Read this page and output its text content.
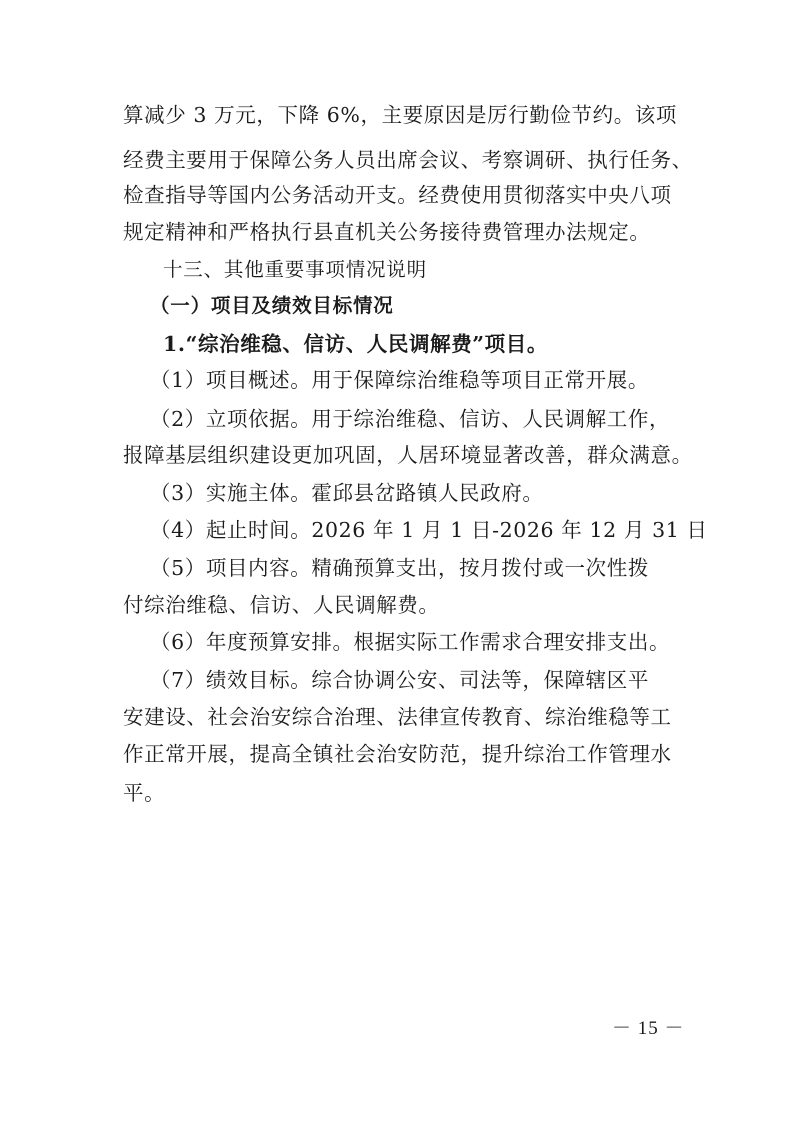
算减少 3 万元，下降 6%，主要原因是厉行勤俭节约。该项
经费主要用于保障公务人员出席会议、考察调研、执行任务、
检查指导等国内公务活动开支。经费使用贯彻落实中央八项
规定精神和严格执行县直机关公务接待费管理办法规定。
十三、其他重要事项情况说明
（一）项目及绩效目标情况
1.“综治维稳、信访、人民调解费”项目。
（1）项目概述。用于保障综治维稳等项目正常开展。
（2）立项依据。用于综治维稳、信访、人民调解工作，
报障基层组织建设更加巩固，人居环境显著改善，群众满意。
（3）实施主体。霍邱县岔路镇人民政府。
（4）起止时间。2026 年 1 月 1 日-2026 年 12 月 31 日
（5）项目内容。精确预算支出，按月拨付或一次性拨
付综治维稳、信访、人民调解费。
（6）年度预算安排。根据实际工作需求合理安排支出。
（7）绩效目标。综合协调公安、司法等，保障辖区平
安建设、社会治安综合治理、法律宣传教育、综治维稳等工
作正常开展，提高全镇社会治安防范，提升综治工作管理水
平。
－ 15 －
